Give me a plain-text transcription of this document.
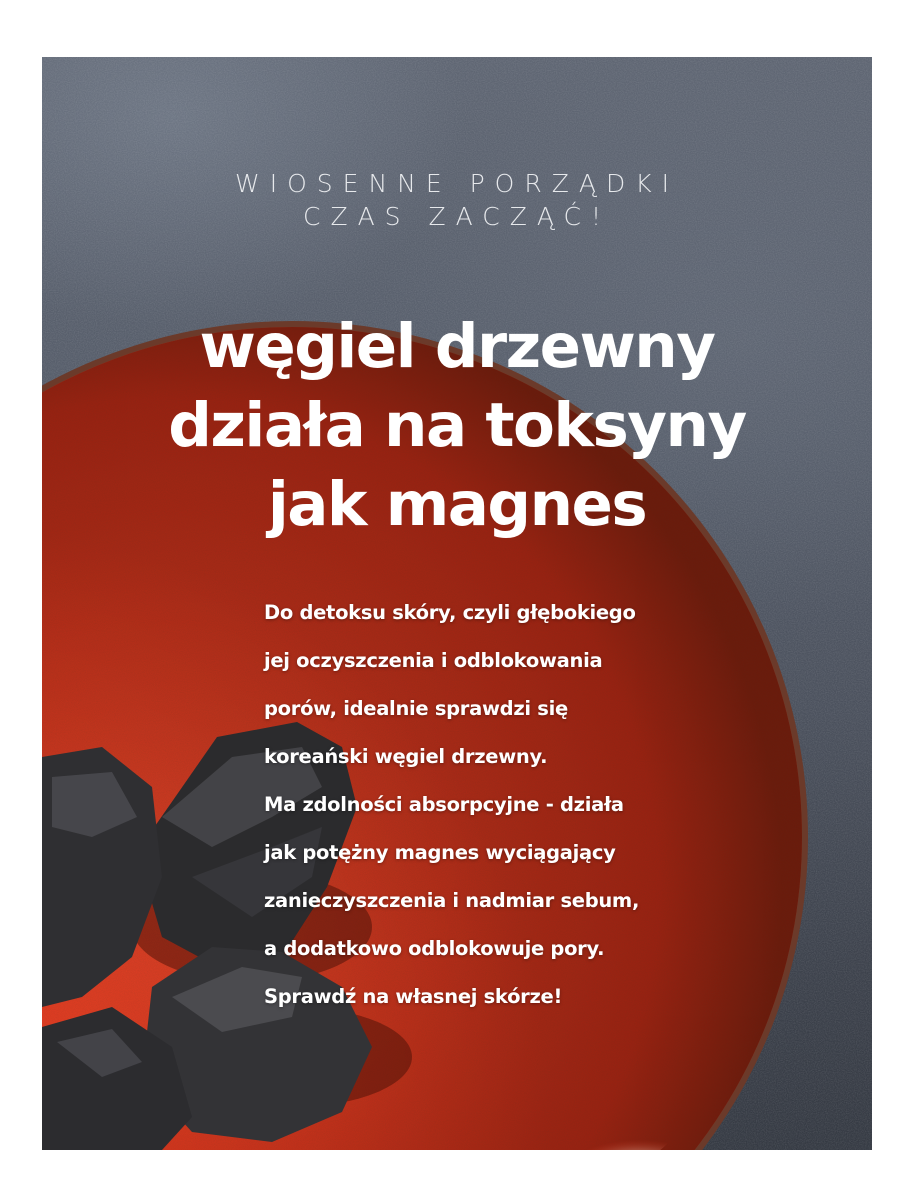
WIOSENNE PORZĄDKI
CZAS ZACZĄĆ!

węgiel drzewny
działa na toksyny
jak magnes
Do detoksu skóry, czyli głębokiego
jej oczyszczenia i odblokowania
porów, idealnie sprawdzi się
koreański węgiel drzewny.
Ma zdolności absorpcyjne - działa
jak potężny magnes wyciągający
zanieczyszczenia i nadmiar sebum,
a dodatkowo odblokowuje pory.
Sprawdź na własnej skórze!
